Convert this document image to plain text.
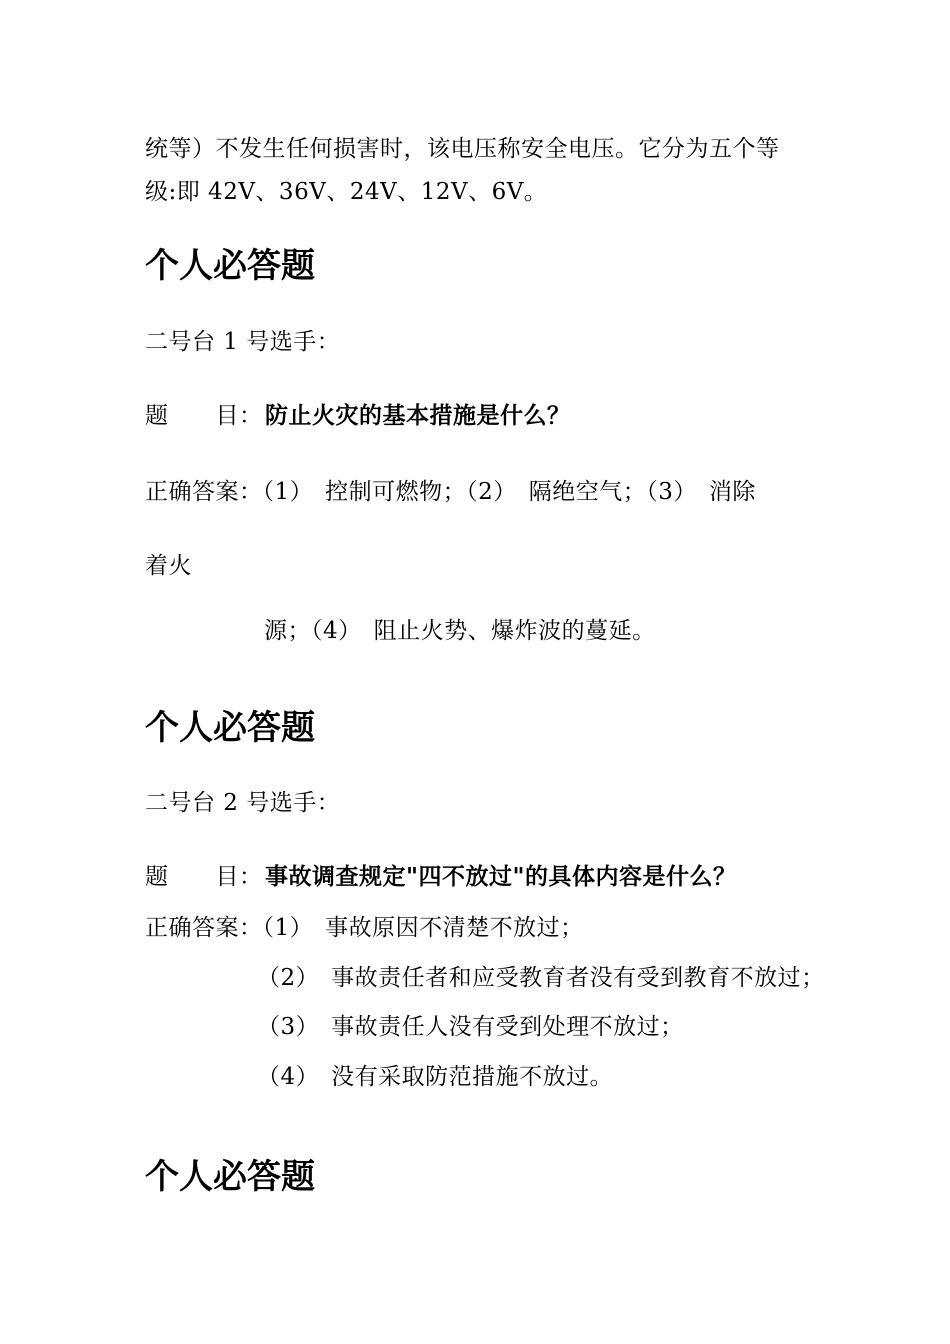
统等）不发生任何损害时，该电压称安全电压。它分为五个等
级:即 42V、36V、24V、12V、6V。
个人必答题
二号台 1 号选手：
题　　目： 防止火灾的基本措施是什么？
正确答案：（1）　控制可燃物；（2）　隔绝空气；（3）　消除
着火
源；（4）　阻止火势、爆炸波的蔓延。
个人必答题
二号台 2 号选手：
题　　目： 事故调查规定"四不放过"的具体内容是什么？
正确答案：（1）　事故原因不清楚不放过；
（2）　事故责任者和应受教育者没有受到教育不放过；
（3）　事故责任人没有受到处理不放过；
（4）　没有采取防范措施不放过。
个人必答题
